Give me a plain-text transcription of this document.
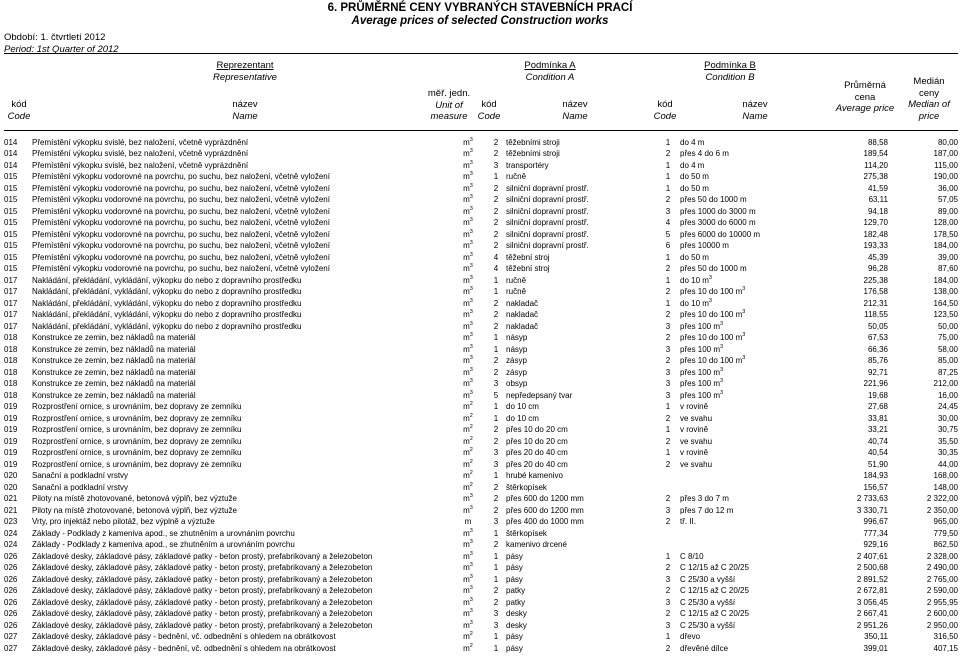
6. PRŮMĚRNÉ CENY VYBRANÝCH STAVEBNÍCH PRACÍ
Average prices of selected Construction works
Období: 1. čtvrtletí 2012
Period: 1st Quarter of 2012
Reprezentant
Representative
Podmínka A
Condition A
Podmínka B
Condition B
kód
Code
název
Name
měř. jedn.
Unit of
measure
kód
Code
název
Name
kód
Code
název
Name
Průměrná
cena
Average price
Medián
ceny
Median of
price
014	Přemístění výkopku svislé, bez naložení, včetně vyprázdnění	$m^3$	2	těžebními stroji	1	do 4 m	88,58	80,00
014	Přemístění výkopku svislé, bez naložení, včetně vyprázdnění	$m^3$	2	těžebními stroji	2	přes 4 do 6 m	189,54	187,00
014	Přemístění výkopku svislé, bez naložení, včetně vyprázdnění	$m^3$	3	transportéry	1	do 4 m	114,20	115,00
015	Přemístění výkopku vodorovné na povrchu, po suchu, bez naložení, včetně vyložení	$m^3$	1	ručně	1	do 50 m	275,38	190,00
015	Přemístění výkopku vodorovné na povrchu, po suchu, bez naložení, včetně vyložení	$m^3$	2	silniční dopravní prostř.	1	do 50 m	41,59	36,00
015	Přemístění výkopku vodorovné na povrchu, po suchu, bez naložení, včetně vyložení	$m^3$	2	silniční dopravní prostř.	2	přes 50 do 1000 m	63,11	57,05
015	Přemístění výkopku vodorovné na povrchu, po suchu, bez naložení, včetně vyložení	$m^3$	2	silniční dopravní prostř.	3	přes 1000 do 3000 m	94,18	89,00
015	Přemístění výkopku vodorovné na povrchu, po suchu, bez naložení, včetně vyložení	$m^3$	2	silniční dopravní prostř.	4	přes 3000 do 6000 m	129,70	128,00
015	Přemístění výkopku vodorovné na povrchu, po suchu, bez naložení, včetně vyložení	$m^3$	2	silniční dopravní prostř.	5	přes 6000 do 10000 m	182,48	178,50
015	Přemístění výkopku vodorovné na povrchu, po suchu, bez naložení, včetně vyložení	$m^3$	2	silniční dopravní prostř.	6	přes 10000 m	193,33	184,00
015	Přemístění výkopku vodorovné na povrchu, po suchu, bez naložení, včetně vyložení	$m^3$	4	těžební stroj	1	do 50 m	45,39	39,00
015	Přemístění výkopku vodorovné na povrchu, po suchu, bez naložení, včetně vyložení	$m^3$	4	těžební stroj	2	přes 50 do 1000 m	96,28	87,60
017	Nakládání, překládání, vykládání, výkopku do nebo z dopravního prostředku	$m^3$	1	ručně	1	do 10 $m^3$	225,38	184,00
017	Nakládání, překládání, vykládání, výkopku do nebo z dopravního prostředku	$m^3$	1	ručně	2	přes 10 do 100 $m^3$	176,58	138,00
017	Nakládání, překládání, vykládání, výkopku do nebo z dopravního prostředku	$m^3$	2	nakladač	1	do 10 $m^3$	212,31	164,50
017	Nakládání, překládání, vykládání, výkopku do nebo z dopravního prostředku	$m^3$	2	nakladač	2	přes 10 do 100 $m^3$	118,55	123,50
017	Nakládání, překládání, vykládání, výkopku do nebo z dopravního prostředku	$m^3$	2	nakladač	3	přes 100 $m^3$	50,05	50,00
018	Konstrukce ze zemin, bez nákladů na materiál	$m^3$	1	násyp	2	přes 10 do 100 $m^3$	67,53	75,00
018	Konstrukce ze zemin, bez nákladů na materiál	$m^3$	1	násyp	3	přes 100 $m^3$	66,36	58,00
018	Konstrukce ze zemin, bez nákladů na materiál	$m^3$	2	zásyp	2	přes 10 do 100 $m^3$	85,76	85,00
018	Konstrukce ze zemin, bez nákladů na materiál	$m^3$	2	zásyp	3	přes 100 $m^3$	92,71	87,25
018	Konstrukce ze zemin, bez nákladů na materiál	$m^3$	3	obsyp	3	přes 100 $m^3$	221,96	212,00
018	Konstrukce ze zemin, bez nákladů na materiál	$m^3$	5	nepředepsaný tvar	3	přes 100 $m^3$	19,68	16,00
019	Rozprostření ornice, s urovnáním, bez dopravy ze zemníku	$m^2$	1	do 10 cm	1	v rovině	27,68	24,45
019	Rozprostření ornice, s urovnáním, bez dopravy ze zemníku	$m^2$	1	do 10 cm	2	ve svahu	33,81	30,00
019	Rozprostření ornice, s urovnáním, bez dopravy ze zemníku	$m^2$	2	přes 10 do 20 cm	1	v rovině	33,21	30,75
019	Rozprostření ornice, s urovnáním, bez dopravy ze zemníku	$m^2$	2	přes 10 do 20 cm	2	ve svahu	40,74	35,50
019	Rozprostření ornice, s urovnáním, bez dopravy ze zemníku	$m^2$	3	přes 20 do 40 cm	1	v rovině	40,54	30,35
019	Rozprostření ornice, s urovnáním, bez dopravy ze zemníku	$m^2$	3	přes 20 do 40 cm	2	ve svahu	51,90	44,00
020	Sanační a podkladní vrstvy	$m^2$	1	hrubé kamenivo			184,93	168,00
020	Sanační a podkladní vrstvy	$m^2$	2	štěrkopísek			156,57	148,00
021	Piloty na místě zhotovované, betonová výplň, bez výztuže	$m^3$	2	přes 600 do 1200 mm	2	přes 3 do 7 m	2 733,63	2 322,00
021	Piloty na místě zhotovované, betonová výplň, bez výztuže	$m^3$	2	přes 600 do 1200 mm	3	přes 7 do 12 m	3 330,71	2 350,00
023	Vrty, pro injektáž nebo pilotáž, bez výplně a výztuže	m	3	přes 400 do 1000 mm	2	tř. II.	996,67	965,00
024	Základy - Podklady z kameniva apod., se zhutněním a urovnáním povrchu	$m^3$	1	štěrkopísek			777,34	779,50
024	Základy - Podklady z kameniva apod., se zhutněním a urovnáním povrchu	$m^3$	2	kamenivo drcené			929,16	862,50
026	Základové desky, základové pásy, základové patky - beton prostý, prefabrikovaný a železobeton	$m^3$	1	pásy	1	C 8/10	2 407,61	2 328,00
026	Základové desky, základové pásy, základové patky - beton prostý, prefabrikovaný a železobeton	$m^3$	1	pásy	2	C 12/15 až C 20/25	2 500,68	2 490,00
026	Základové desky, základové pásy, základové patky - beton prostý, prefabrikovaný a železobeton	$m^3$	1	pásy	3	C 25/30 a vyšší	2 891,52	2 765,00
026	Základové desky, základové pásy, základové patky - beton prostý, prefabrikovaný a železobeton	$m^3$	2	patky	2	C 12/15 až C 20/25	2 672,81	2 590,00
026	Základové desky, základové pásy, základové patky - beton prostý, prefabrikovaný a železobeton	$m^3$	2	patky	3	C 25/30 a vyšší	3 056,45	2 955,95
026	Základové desky, základové pásy, základové patky - beton prostý, prefabrikovaný a železobeton	$m^3$	3	desky	2	C 12/15 až C 20/25	2 667,41	2 600,00
026	Základové desky, základové pásy, základové patky - beton prostý, prefabrikovaný a železobeton	$m^3$	3	desky	3	C 25/30 a vyšší	2 951,26	2 950,00
027	Základové desky, základové pásy - bednění, vč. odbednění s ohledem na obrátkovost	$m^2$	1	pásy	1	dřevo	350,11	316,50
027	Základové desky, základové pásy - bednění, vč. odbednění s ohledem na obrátkovost	$m^2$	1	pásy	2	dřevěné dílce	399,01	407,15
